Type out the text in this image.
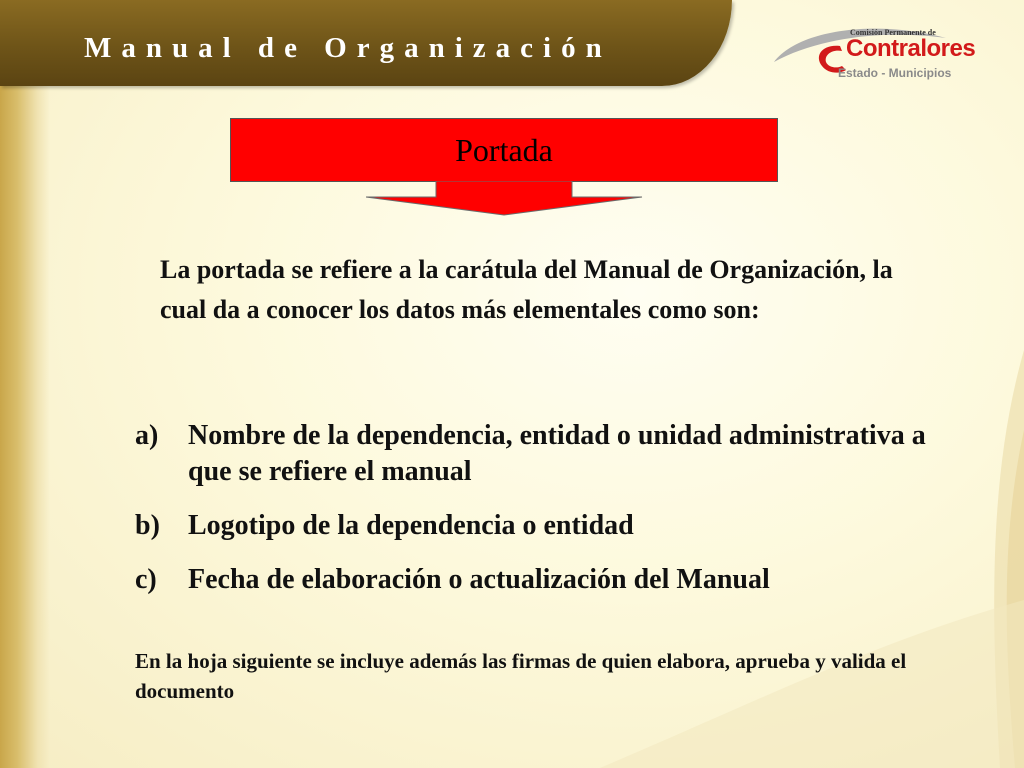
Manual de Organización	Comisión Permanente de
Contralores
Estado - Municipios
Portada
La portada se refiere a la carátula del Manual de Organización, la cual da a conocer los datos más elementales como son:
a)	Nombre de la dependencia, entidad o unidad administrativa a que se refiere el manual
b)	Logotipo de la dependencia o entidad
c)	Fecha de elaboración o actualización del Manual
En la hoja siguiente se incluye además las firmas de quien elabora, aprueba y valida el documento
